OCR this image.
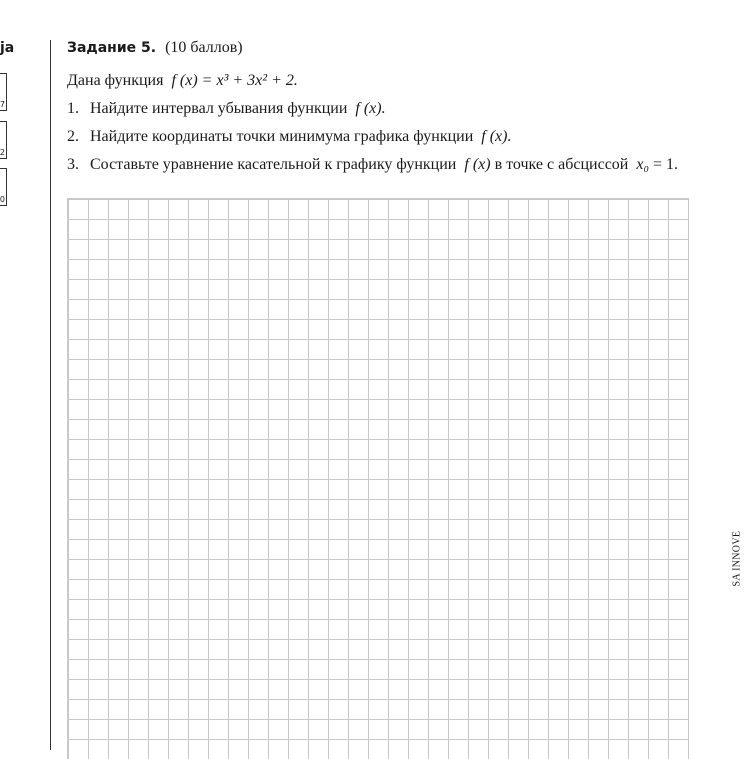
ja
7
2
0
Задание 5. (10 баллов)
Дана функция f (x) = x³ + 3x² + 2.
1. Найдите интервал убывания функции f (x).
2. Найдите координаты точки минимума графика функции f (x).
3. Составьте уравнение касательной к графику функции f (x) в точке с абсциссой x₀ = 1.
SA INNOVE
